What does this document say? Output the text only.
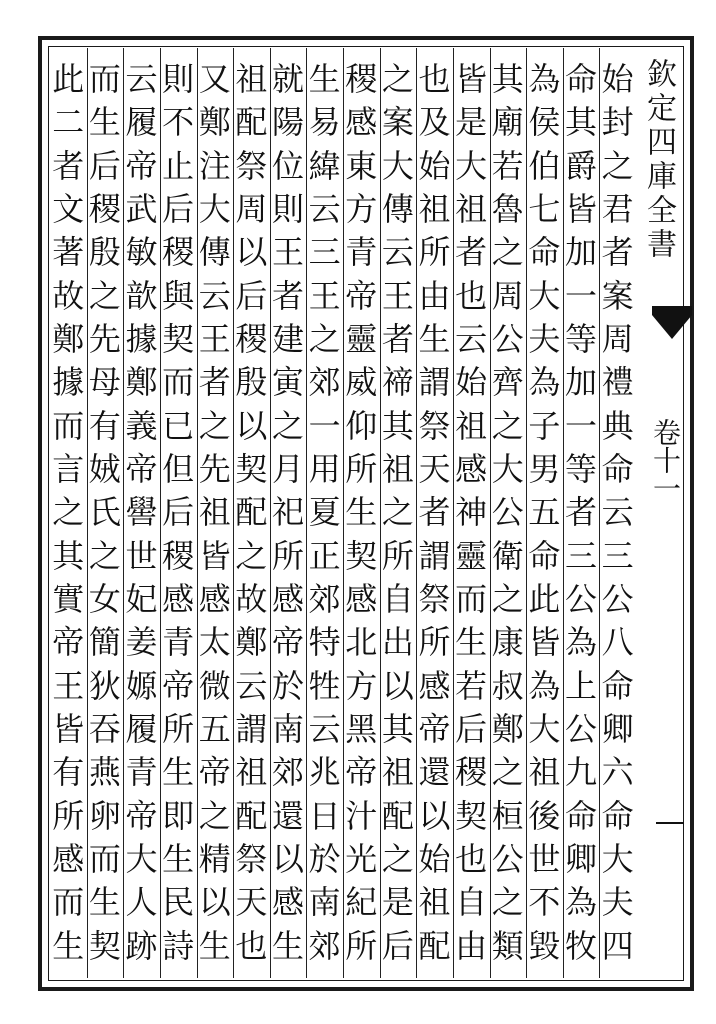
始
封
之
君
者
案
周
禮
典
命
云
三
公
八
命
卿
六
命
大
夫
四
命
其
爵
皆
加
一
等
加
一
等
者
三
公
為
上
公
九
命
卿
為
牧
為
侯
伯
七
命
大
夫
為
子
男
五
命
此
皆
為
大
祖
後
世
不
毀
其
廟
若
魯
之
周
公
齊
之
大
公
衛
之
康
叔
鄭
之
桓
公
之
類
皆
是
大
祖
者
也
云
始
祖
感
神
靈
而
生
若
后
稷
契
也
自
由
也
及
始
祖
所
由
生
謂
祭
天
者
謂
祭
所
感
帝
還
以
始
祖
配
之
案
大
傳
云
王
者
禘
其
祖
之
所
自
出
以
其
祖
配
之
是
后
稷
感
東
方
青
帝
靈
威
仰
所
生
契
感
北
方
黑
帝
汁
光
紀
所
生
易
緯
云
三
王
之
郊
一
用
夏
正
郊
特
牲
云
兆
日
於
南
郊
就
陽
位
則
王
者
建
寅
之
月
祀
所
感
帝
於
南
郊
還
以
感
生
祖
配
祭
周
以
后
稷
殷
以
契
配
之
故
鄭
云
謂
祖
配
祭
天
也
又
鄭
注
大
傳
云
王
者
之
先
祖
皆
感
太
微
五
帝
之
精
以
生
則
不
止
后
稷
與
契
而
已
但
后
稷
感
青
帝
所
生
即
生
民
詩
云
履
帝
武
敏
歆
據
鄭
義
帝
嚳
世
妃
姜
嫄
履
青
帝
大
人
跡
而
生
后
稷
殷
之
先
母
有
娀
氏
之
女
簡
狄
吞
燕
卵
而
生
契
此
二
者
文
著
故
鄭
據
而
言
之
其
實
帝
王
皆
有
所
感
而
生
欽定四庫全書
卷十一
